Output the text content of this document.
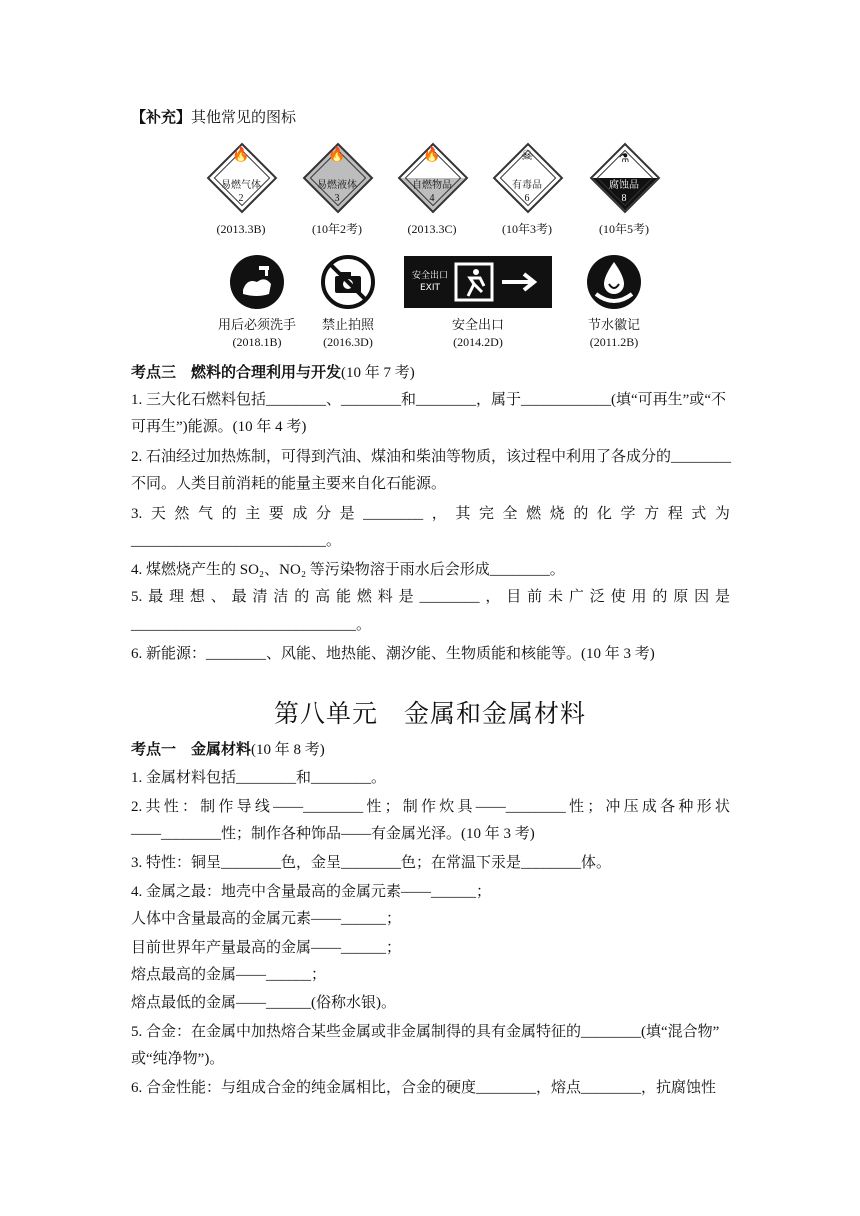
【补充】其他常见的图标
🔥
易燃气体
2
(2013.3B)
🔥
易燃液体
3
(10年2考)
🔥
自燃物品
4
(2013.3C)
☠
有毒品
6
(10年3考)
⚗
腐蚀品
8
(10年5考)
用后必须洗手
(2018.1B)
禁止拍照
(2016.3D)
安全出口
EXIT
安全出口
(2014.2D)
节水徽记
(2011.2B)
考点三　燃料的合理利用与开发(10 年 7 考)
1. 三大化石燃料包括________、________和________，属于____________(填“可再生”或“不
可再生”)能源。(10 年 4 考)
2. 石油经过加热炼制，可得到汽油、煤油和柴油等物质，该过程中利用了各成分的________
不同。人类目前消耗的能量主要来自化石能源。
3. 天 然 气 的 主 要 成 分 是 ________ ， 其 完 全 燃 烧 的 化 学 方 程 式 为
__________________________。
4. 煤燃烧产生的 SO₂、NO₂ 等污染物溶于雨水后会形成________。
5. 最 理 想 、 最 清 洁 的 高 能 燃 料 是 ________ ， 目 前 未 广 泛 使 用 的 原 因 是
______________________________。
6. 新能源：________、风能、地热能、潮汐能、生物质能和核能等。(10 年 3 考)
第八单元　金属和金属材料
考点一　金属材料(10 年 8 考)
1. 金属材料包括________和________。
2. 共 性 ： 制 作 导 线 ——________ 性 ； 制 作 炊 具 ——________ 性 ； 冲 压 成 各 种 形 状
——________性；制作各种饰品——有金属光泽。(10 年 3 考)
3. 特性：铜呈________色，金呈________色；在常温下汞是________体。
4. 金属之最：地壳中含量最高的金属元素——______；
人体中含量最高的金属元素——______；
目前世界年产量最高的金属——______；
熔点最高的金属——______；
熔点最低的金属——______(俗称水银)。
5. 合金：在金属中加热熔合某些金属或非金属制得的具有金属特征的________(填“混合物”
或“纯净物”)。
6. 合金性能：与组成合金的纯金属相比，合金的硬度________，熔点________，抗腐蚀性
